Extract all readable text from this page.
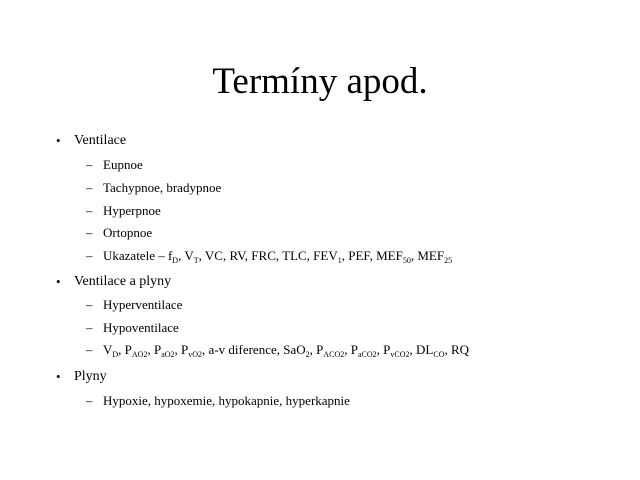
Termíny apod.
• Ventilace
– Eupnoe
– Tachypnoe, bradypnoe
– Hyperpnoe
– Ortopnoe
– Ukazatele – $f_D$, $V_T$, VC, RV, FRC, TLC, $FEV_1$, PEF, $MEF_{50}$, $MEF_{25}$
• Ventilace a plyny
– Hyperventilace
– Hypoventilace
– $V_D$, $P_{AO2}$, $P_{aO2}$, $P_{vO2}$, a-v diference, SaO$_2$, $P_{ACO2}$, $P_{aCO2}$, $P_{vCO2}$, $DL_{CO}$, RQ
• Plyny
– Hypoxie, hypoxemie, hypokapnie, hyperkapnie
